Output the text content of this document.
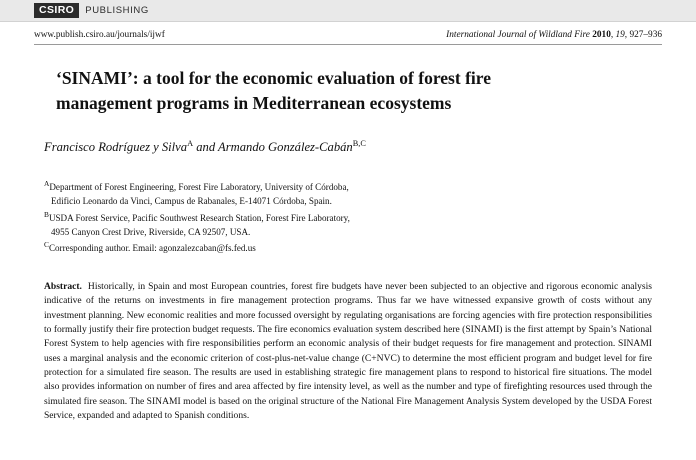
CSIRO	PUBLISHING
www.publish.csiro.au/journals/ijwf	International Journal of Wildland Fire 2010, 19, 927–936
‘SINAMI’: a tool for the economic evaluation of forest fire
management programs in Mediterranean ecosystems
Francisco Rodríguez y Silva$^A$ and Armando González-Cabán$^{B,C}$
$^A$Department of Forest Engineering, Forest Fire Laboratory, University of Córdoba,
Edificio Leonardo da Vinci, Campus de Rabanales, E-14071 Córdoba, Spain.
$^B$USDA Forest Service, Pacific Southwest Research Station, Forest Fire Laboratory,
4955 Canyon Crest Drive, Riverside, CA 92507, USA.
$^C$Corresponding author. Email: agonzalezcaban@fs.fed.us
Abstract. Historically, in Spain and most European countries, forest fire budgets have never been subjected to an objective and rigorous economic analysis indicative of the returns on investments in fire management protection programs. Thus far we have witnessed expansive growth of costs without any investment planning. New economic realities and more focussed oversight by regulating organisations are forcing agencies with fire protection responsibilities to formally justify their fire protection budget requests. The fire economics evaluation system described here (SINAMI) is the first attempt by Spain’s National Forest System to help agencies with fire responsibilities perform an economic analysis of their budget requests for fire management and protection. SINAMI uses a marginal analysis and the economic criterion of cost-plus-net-value change (C+NVC) to determine the most efficient program and budget level for fire protection for a simulated fire season. The results are used in establishing strategic fire management plans to respond to historical fire situations. The model also provides information on number of fires and area affected by fire intensity level, as well as the number and type of firefighting resources used through the simulated fire season. The SINAMI model is based on the original structure of the National Fire Management Analysis System developed by the USDA Forest Service, expanded and adapted to Spanish conditions.
